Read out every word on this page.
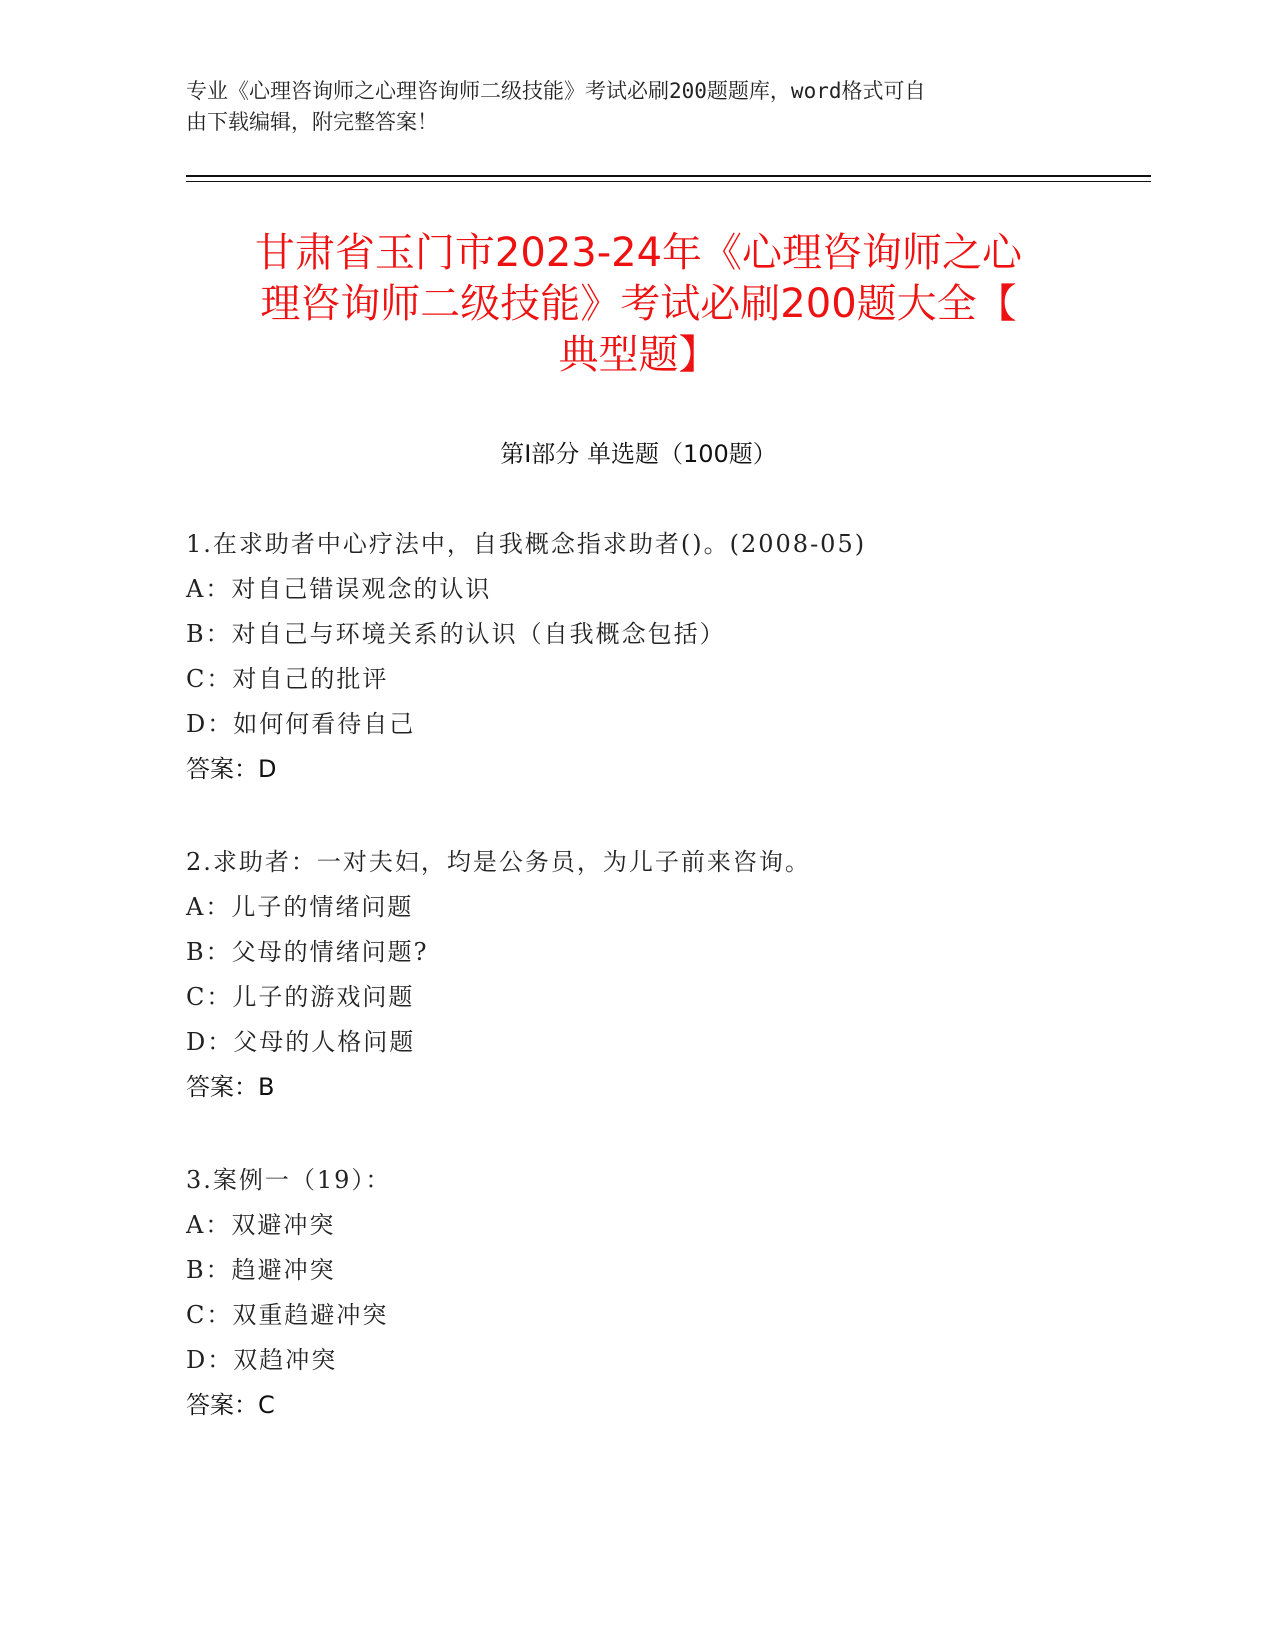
专业《心理咨询师之心理咨询师二级技能》考试必刷200题题库，word格式可自
由下载编辑，附完整答案！
甘肃省玉门市2023-24年《心理咨询师之心
理咨询师二级技能》考试必刷200题大全【
典型题】
第Ⅰ部分 单选题（100题）
1.在求助者中心疗法中，自我概念指求助者()。(2008-05)
A：对自己错误观念的认识
B：对自己与环境关系的认识（自我概念包括）
C：对自己的批评
D：如何何看待自己
答案：D
2.求助者：一对夫妇，均是公务员，为儿子前来咨询。
A：儿子的情绪问题
B：父母的情绪问题?
C：儿子的游戏问题
D：父母的人格问题
答案：B
3.案例一（19）：
A：双避冲突
B：趋避冲突
C：双重趋避冲突
D：双趋冲突
答案：C
